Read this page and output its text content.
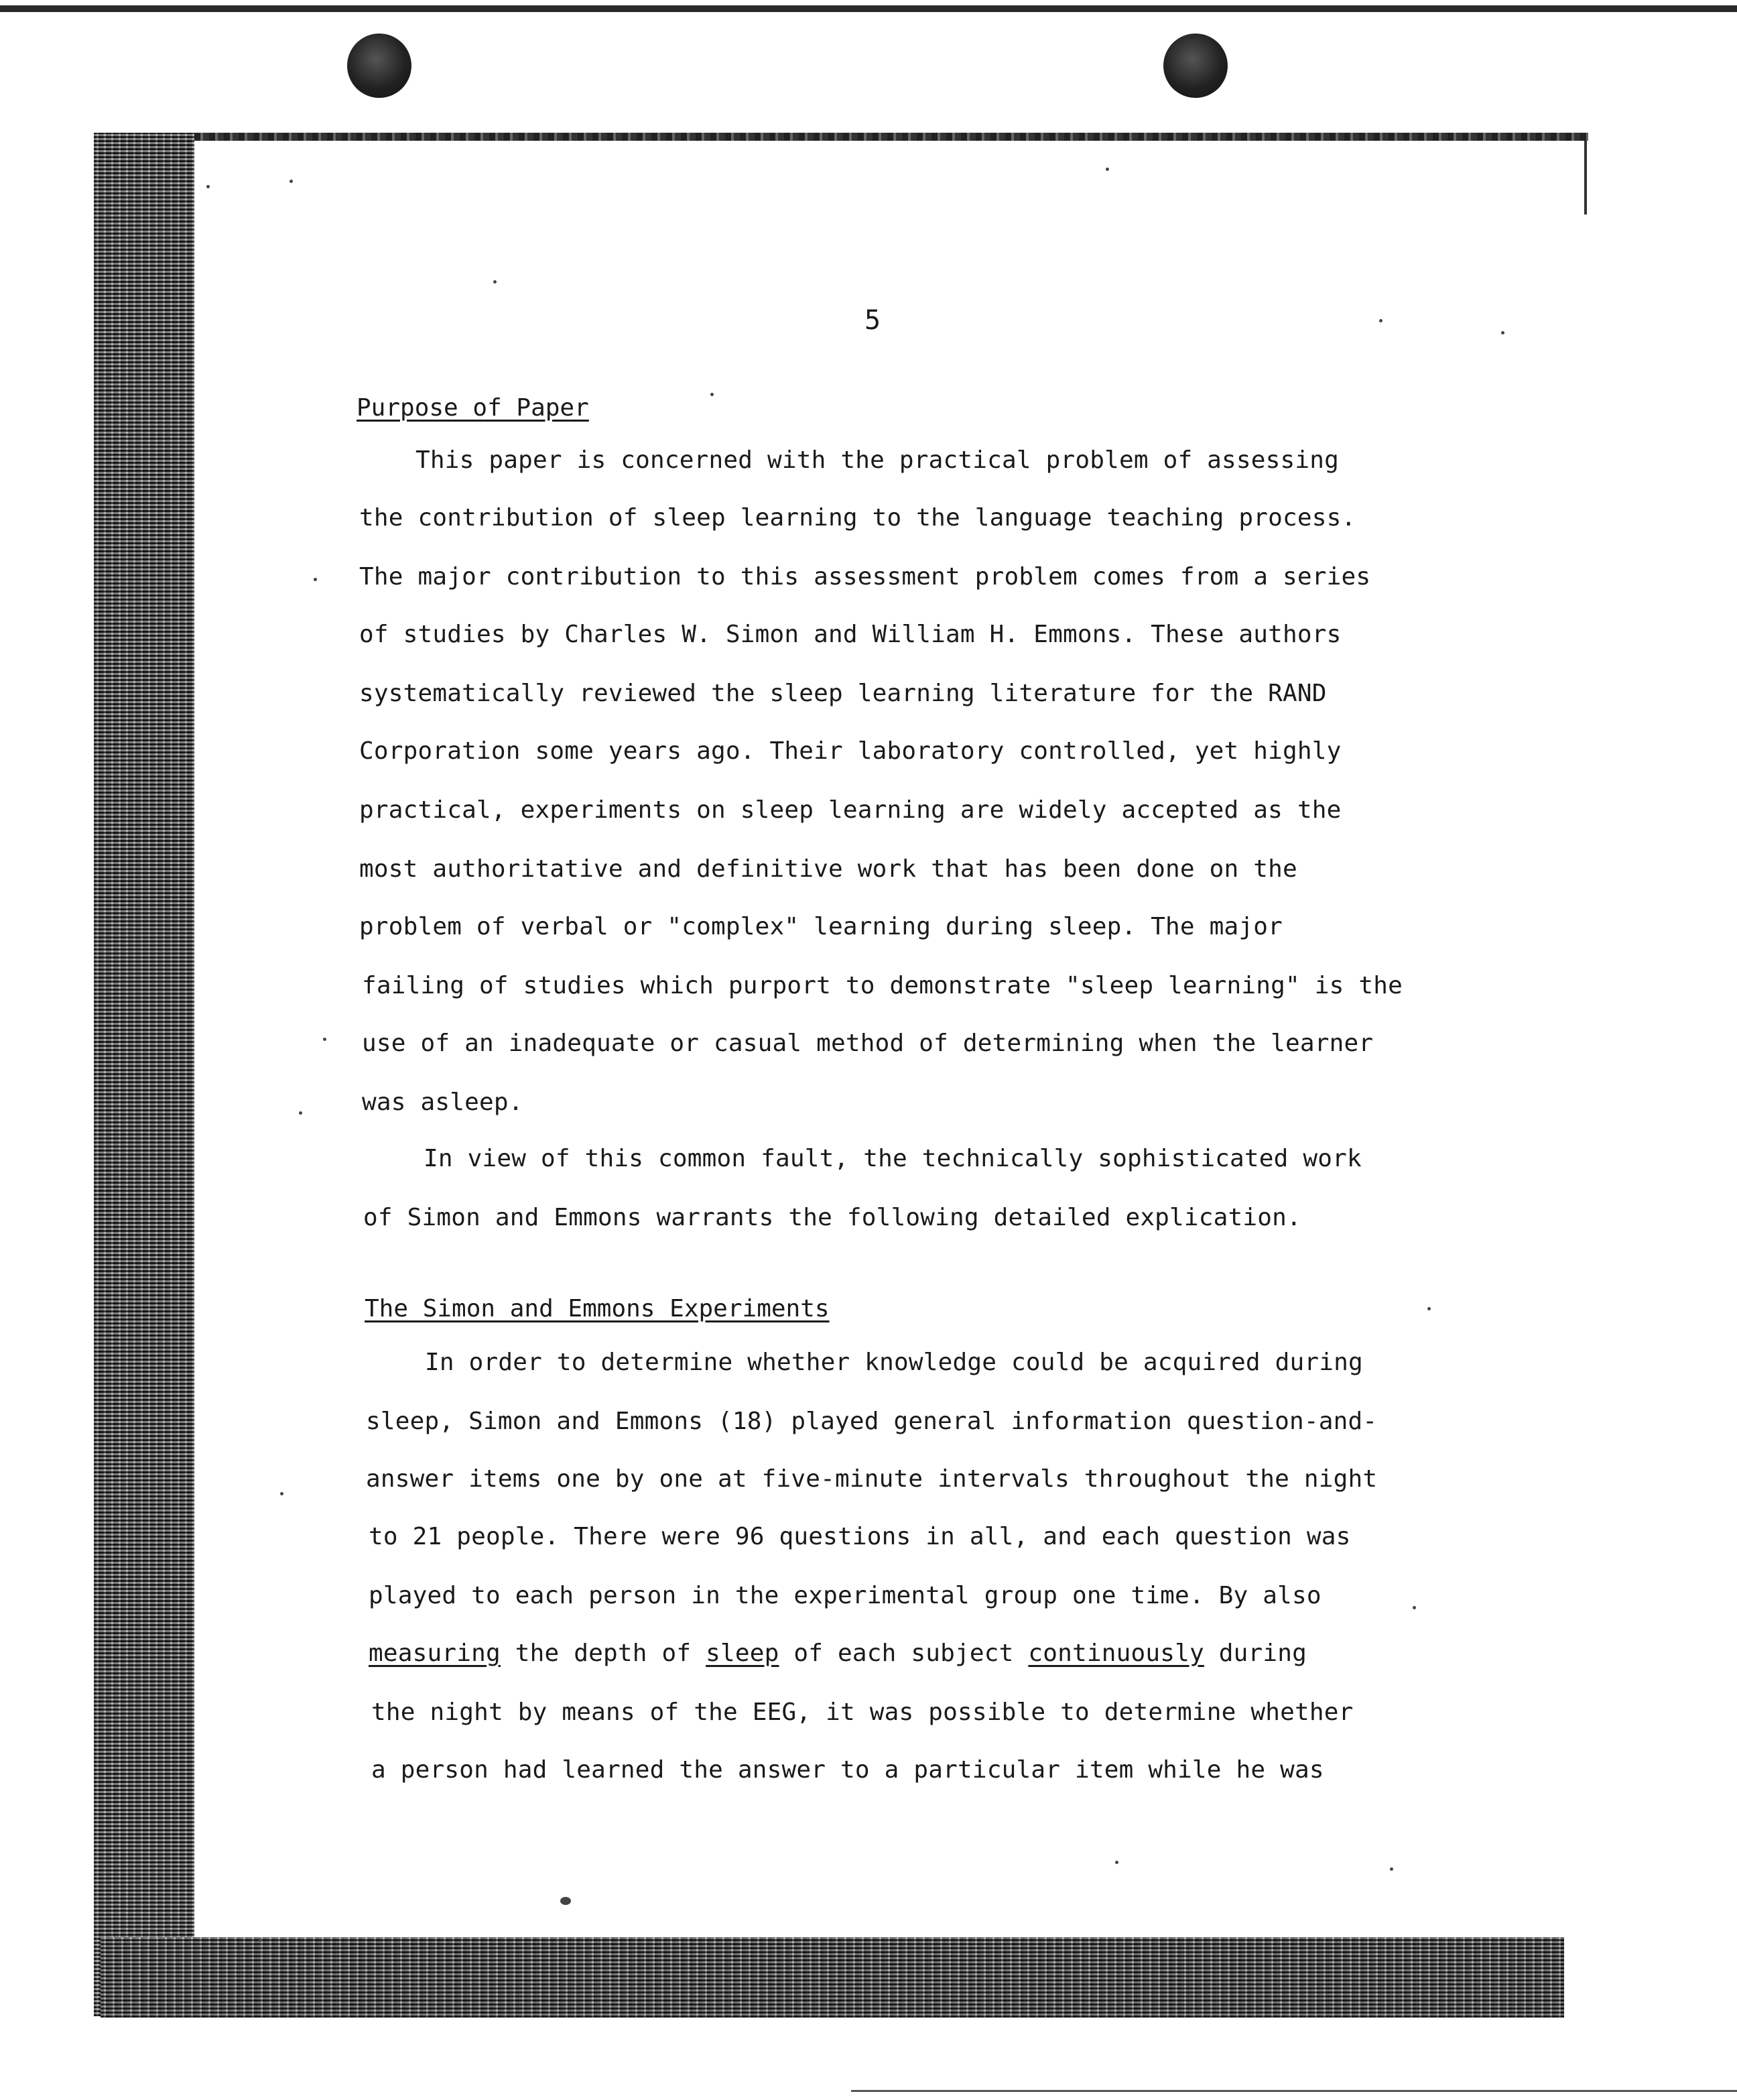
5
Purpose of Paper
This paper is concerned with the practical problem of assessing
the contribution of sleep learning to the language teaching process.
The major contribution to this assessment problem comes from a series
of studies by Charles W. Simon and William H. Emmons. These authors
systematically reviewed the sleep learning literature for the RAND
Corporation some years ago. Their laboratory controlled, yet highly
practical, experiments on sleep learning are widely accepted as the
most authoritative and definitive work that has been done on the
problem of verbal or "complex" learning during sleep. The major
failing of studies which purport to demonstrate "sleep learning" is the
use of an inadequate or casual method of determining when the learner
was asleep.
In view of this common fault, the technically sophisticated work
of Simon and Emmons warrants the following detailed explication.
The Simon and Emmons Experiments
In order to determine whether knowledge could be acquired during
sleep, Simon and Emmons (18) played general information question-and-
answer items one by one at five-minute intervals throughout the night
to 21 people. There were 96 questions in all, and each question was
played to each person in the experimental group one time. By also
measuring the depth of sleep of each subject continuously during
the night by means of the EEG, it was possible to determine whether
a person had learned the answer to a particular item while he was
